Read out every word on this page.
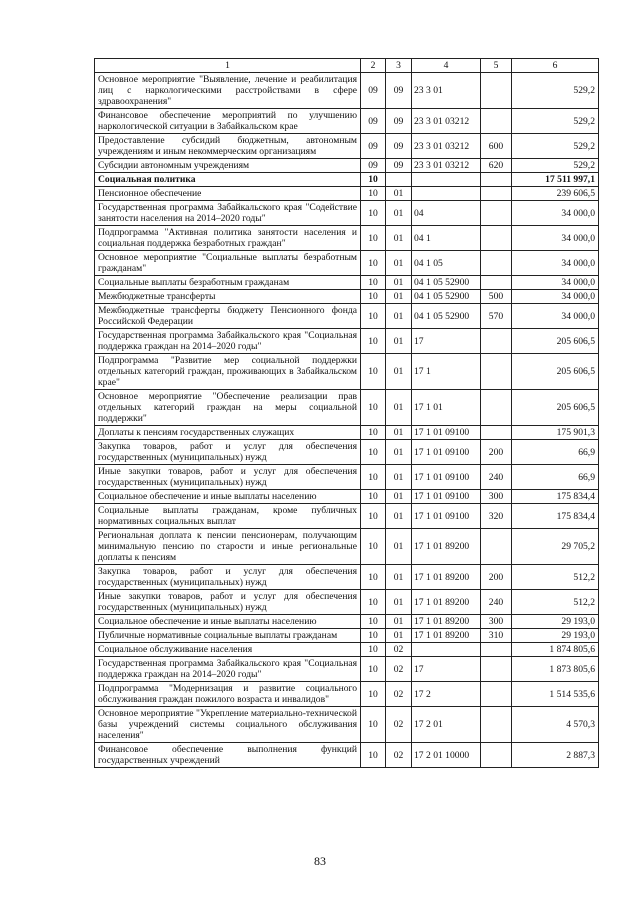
1	2	3	4	5	6
Основное мероприятие "Выявление, лечение и реабилитация лиц с наркологическими расстройствами в сфере здравоохранения"	09	09	23 3 01		529,2
Финансовое обеспечение мероприятий по улучшению наркологической ситуации в Забайкальском крае	09	09	23 3 01 03212		529,2
Предоставление субсидий бюджетным, автономным учреждениям и иным некоммерческим организациям	09	09	23 3 01 03212	600	529,2
Субсидии автономным учреждениям	09	09	23 3 01 03212	620	529,2
Социальная политика	10				17 511 997,1
Пенсионное обеспечение	10	01			239 606,5
Государственная программа Забайкальского края "Содействие занятости населения на 2014–2020 годы"	10	01	04		34 000,0
Подпрограмма "Активная политика занятости населения и социальная поддержка безработных граждан"	10	01	04 1		34 000,0
Основное мероприятие "Социальные выплаты безработным гражданам"	10	01	04 1 05		34 000,0
Социальные выплаты безработным гражданам	10	01	04 1 05 52900		34 000,0
Межбюджетные трансферты	10	01	04 1 05 52900	500	34 000,0
Межбюджетные трансферты бюджету Пенсионного фонда Российской Федерации	10	01	04 1 05 52900	570	34 000,0
Государственная программа Забайкальского края "Социальная поддержка граждан на 2014–2020 годы"	10	01	17		205 606,5
Подпрограмма "Развитие мер социальной поддержки отдельных категорий граждан, проживающих в Забайкальском крае"	10	01	17 1		205 606,5
Основное мероприятие "Обеспечение реализации прав отдельных категорий граждан на меры социальной поддержки"	10	01	17 1 01		205 606,5
Доплаты к пенсиям государственных служащих	10	01	17 1 01 09100		175 901,3
Закупка товаров, работ и услуг для обеспечения государственных (муниципальных) нужд	10	01	17 1 01 09100	200	66,9
Иные закупки товаров, работ и услуг для обеспечения государственных (муниципальных) нужд	10	01	17 1 01 09100	240	66,9
Социальное обеспечение и иные выплаты населению	10	01	17 1 01 09100	300	175 834,4
Социальные выплаты гражданам, кроме публичных нормативных социальных выплат	10	01	17 1 01 09100	320	175 834,4
Региональная доплата к пенсии пенсионерам, получающим минимальную пенсию по старости и иные региональные доплаты к пенсиям	10	01	17 1 01 89200		29 705,2
Закупка товаров, работ и услуг для обеспечения государственных (муниципальных) нужд	10	01	17 1 01 89200	200	512,2
Иные закупки товаров, работ и услуг для обеспечения государственных (муниципальных) нужд	10	01	17 1 01 89200	240	512,2
Социальное обеспечение и иные выплаты населению	10	01	17 1 01 89200	300	29 193,0
Публичные нормативные социальные выплаты гражданам	10	01	17 1 01 89200	310	29 193,0
Социальное обслуживание населения	10	02			1 874 805,6
Государственная программа Забайкальского края "Социальная поддержка граждан на 2014–2020 годы"	10	02	17		1 873 805,6
Подпрограмма "Модернизация и развитие социального обслуживания граждан пожилого возраста и инвалидов"	10	02	17 2		1 514 535,6
Основное мероприятие "Укрепление материально-технической базы учреждений системы социального обслуживания населения"	10	02	17 2 01		4 570,3
Финансовое обеспечение выполнения функций государственных учреждений	10	02	17 2 01 10000		2 887,3
83
